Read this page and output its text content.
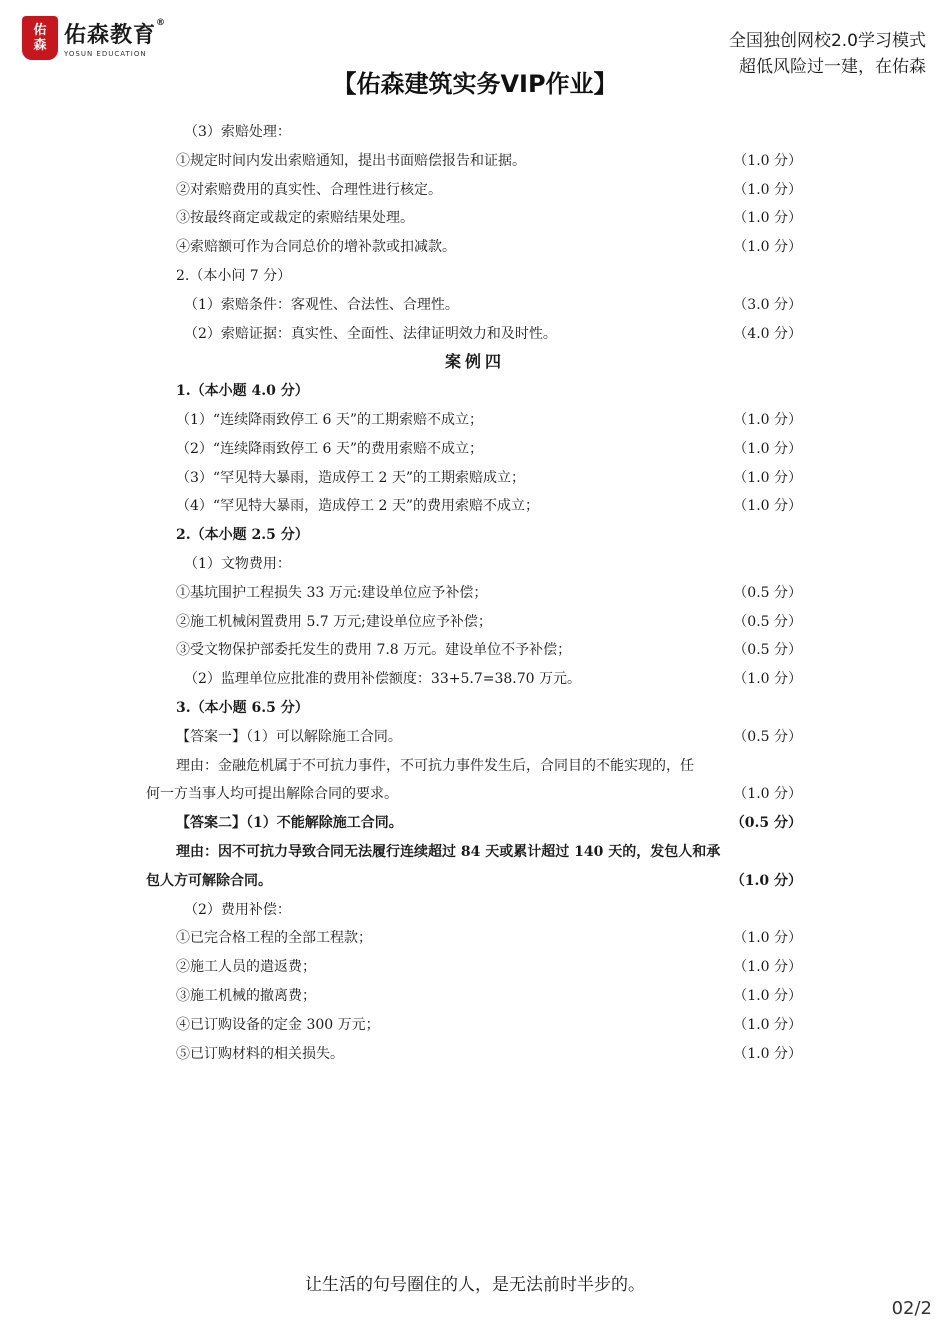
佑
森 佑森教育®
YOSUN EDUCATION
全国独创网校2.0学习模式
超低风险过一建，在佑森
【佑森建筑实务VIP作业】
（3）索赔处理：
①规定时间内发出索赔通知，提出书面赔偿报告和证据。	（1.0 分）
②对索赔费用的真实性、合理性进行核定。	（1.0 分）
③按最终商定或裁定的索赔结果处理。	（1.0 分）
④索赔额可作为合同总价的增补款或扣减款。	（1.0 分）
2.（本小问 7 分）
（1）索赔条件：客观性、合法性、合理性。	（3.0 分）
（2）索赔证据：真实性、全面性、法律证明效力和及时性。	（4.0 分）
案例四
1.（本小题 4.0 分）
（1）“连续降雨致停工 6 天”的工期索赔不成立；	（1.0 分）
（2）“连续降雨致停工 6 天”的费用索赔不成立；	（1.0 分）
（3）“罕见特大暴雨，造成停工 2 天”的工期索赔成立；	（1.0 分）
（4）“罕见特大暴雨，造成停工 2 天”的费用索赔不成立；	（1.0 分）
2.（本小题 2.5 分）
（1）文物费用：
①基坑围护工程损失 33 万元:建设单位应予补偿；	（0.5 分）
②施工机械闲置费用 5.7 万元;建设单位应予补偿；	（0.5 分）
③受文物保护部委托发生的费用 7.8 万元。建设单位不予补偿；	（0.5 分）
（2）监理单位应批准的费用补偿额度：33+5.7=38.70 万元。	（1.0 分）
3.（本小题 6.5 分）
【答案一】（1）可以解除施工合同。	（0.5 分）
理由：金融危机属于不可抗力事件，不可抗力事件发生后，合同目的不能实现的，任
何一方当事人均可提出解除合同的要求。	（1.0 分）
【答案二】（1）不能解除施工合同。	（0.5 分）
理由：因不可抗力导致合同无法履行连续超过 84 天或累计超过 140 天的，发包人和承
包人方可解除合同。	（1.0 分）
（2）费用补偿：
①已完合格工程的全部工程款；	（1.0 分）
②施工人员的遣返费；	（1.0 分）
③施工机械的撤离费；	（1.0 分）
④已订购设备的定金 300 万元；	（1.0 分）
⑤已订购材料的相关损失。	（1.0 分）
让生活的句号圈住的人，是无法前时半步的。
02/2
